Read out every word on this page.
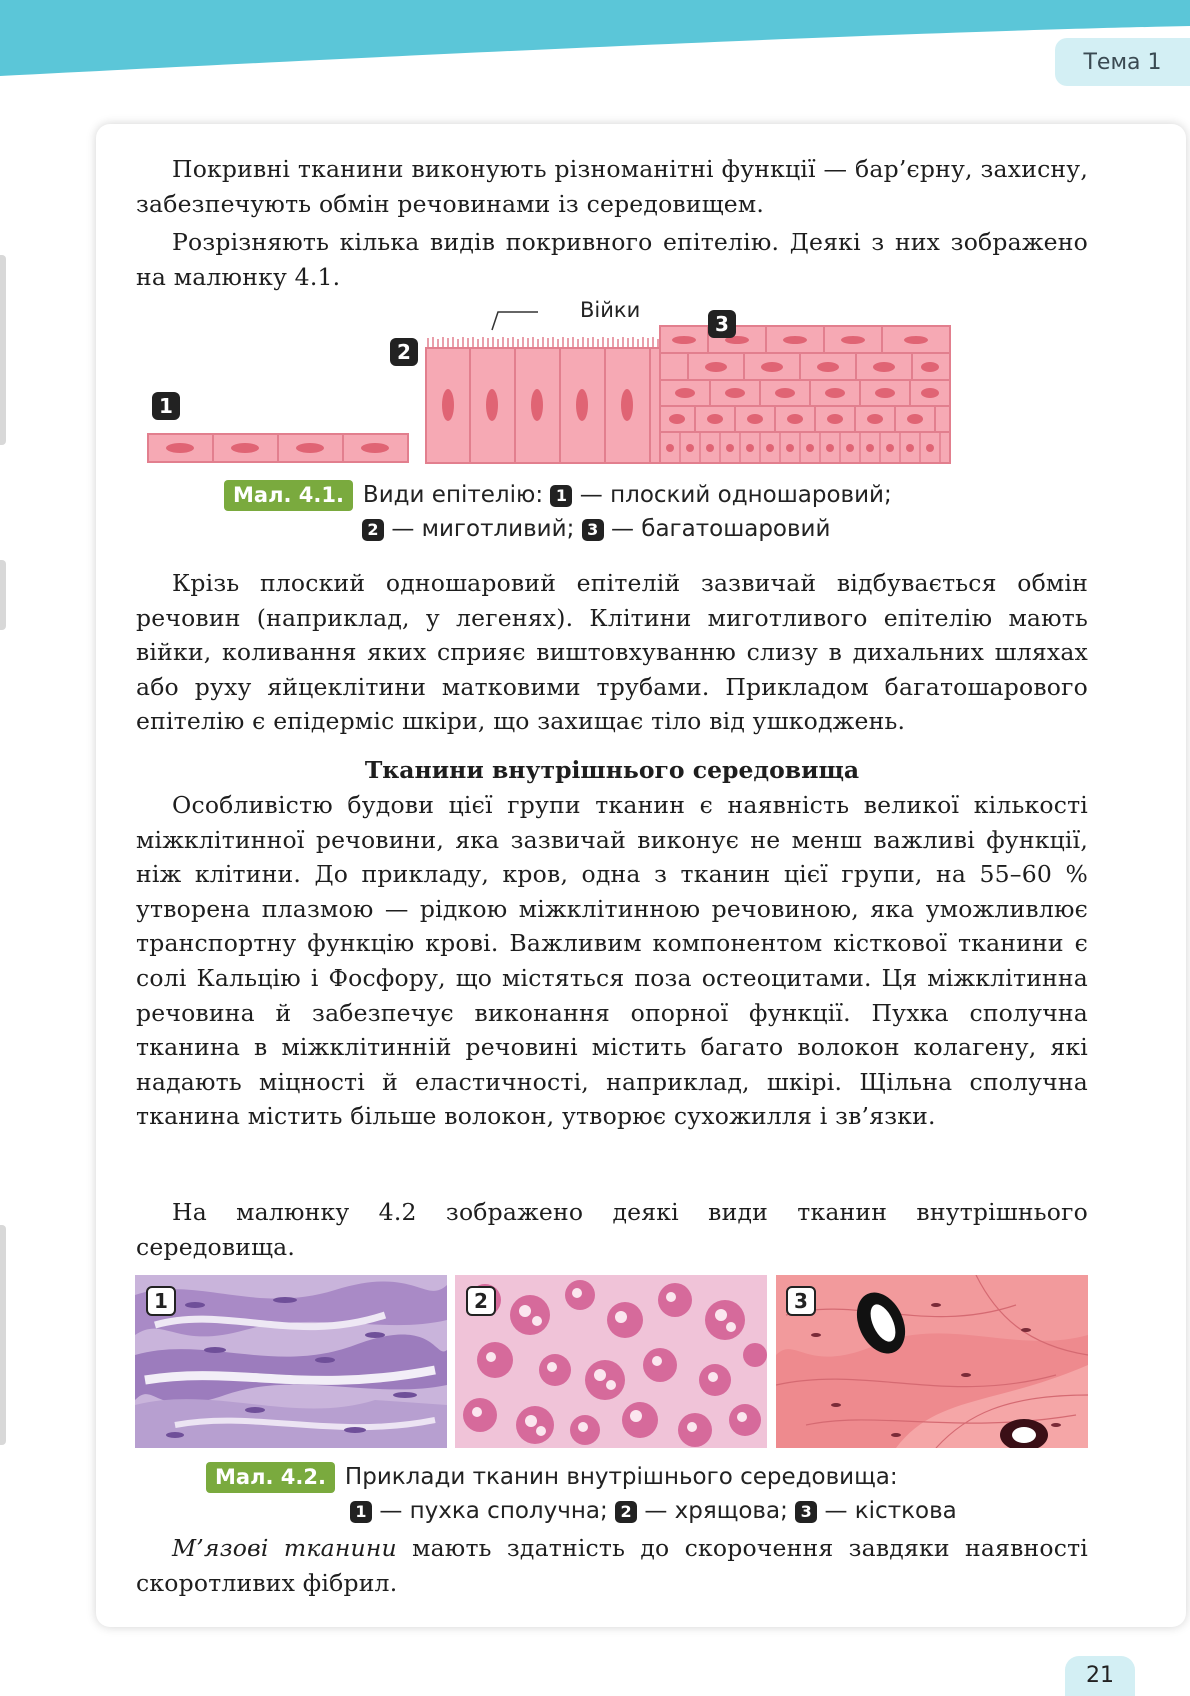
Тема 1

Покривні тканини виконують різноманітні функції — бар’єрну, захисну, забезпечують обмін речовинами із середовищем.

Розрізняють кілька видів покривного епітелію. Деякі з них зображено на малюнку 4.1.

1
2
3
Війки
Мал. 4.1. Види епітелію: 1 — плоский одношаровий;
2 — миготливий; 3 — багатошаровий

Крізь плоский одношаровий епітелій зазвичай відбувається обмін речовин (наприклад, у легенях). Клітини миготливого епітелію мають війки, коливання яких сприяє виштовхуванню слизу в дихальних шляхах або руху яйцеклітини матковими трубами. Прикладом багатошарового епітелію є епідерміс шкіри, що захищає тіло від ушкоджень.

Тканини внутрішнього середовища

Особливістю будови цієї групи тканин є наявність великої кількості міжклітинної речовини, яка зазвичай виконує не менш важливі функції, ніж клітини. До прикладу, кров, одна з тканин цієї групи, на 55–60 % утворена плазмою — рідкою міжклітинною речовиною, яка уможливлює транспортну функцію крові. Важливим компонентом кісткової тканини є солі Кальцію і Фосфору, що містяться поза остеоцитами. Ця міжклітинна речовина й забезпечує виконання опорної функції. Пухка сполучна тканина в міжклітинній речовині містить багато волокон колагену, які надають міцності й еластичності, наприклад, шкірі. Щільна сполучна тканина містить більше волокон, утворює сухожилля і зв’язки.

На малюнку 4.2 зображено деякі види тканин внутрішнього середовища.

1	2	3
Мал. 4.2. Приклади тканин внутрішнього середовища:
1 — пухка сполучна; 2 — хрящова; 3 — кісткова

М’язові тканини мають здатність до скорочення завдяки наявності скоротливих фібрил.

21
